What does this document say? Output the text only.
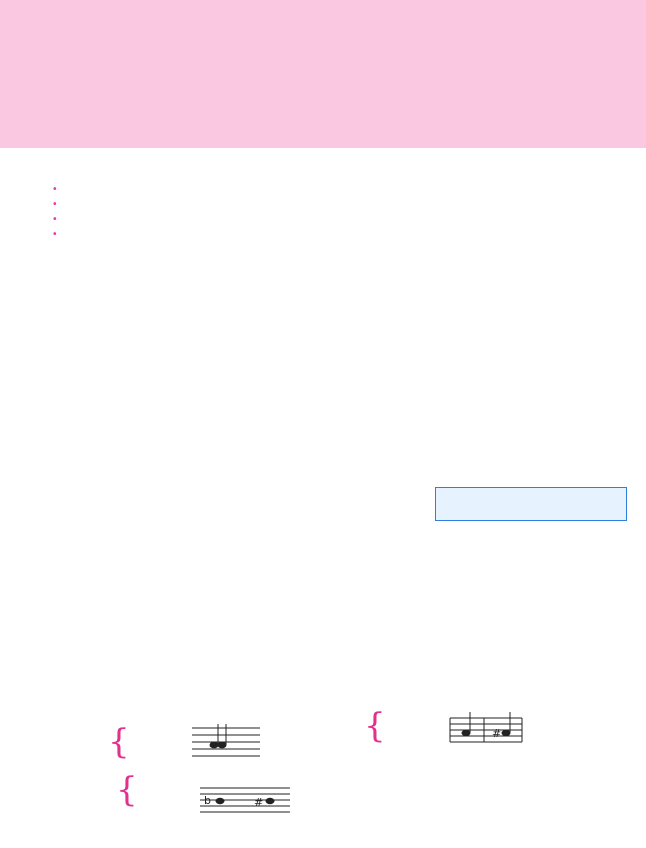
•
•
•
•
{	{	#
{	b	#
